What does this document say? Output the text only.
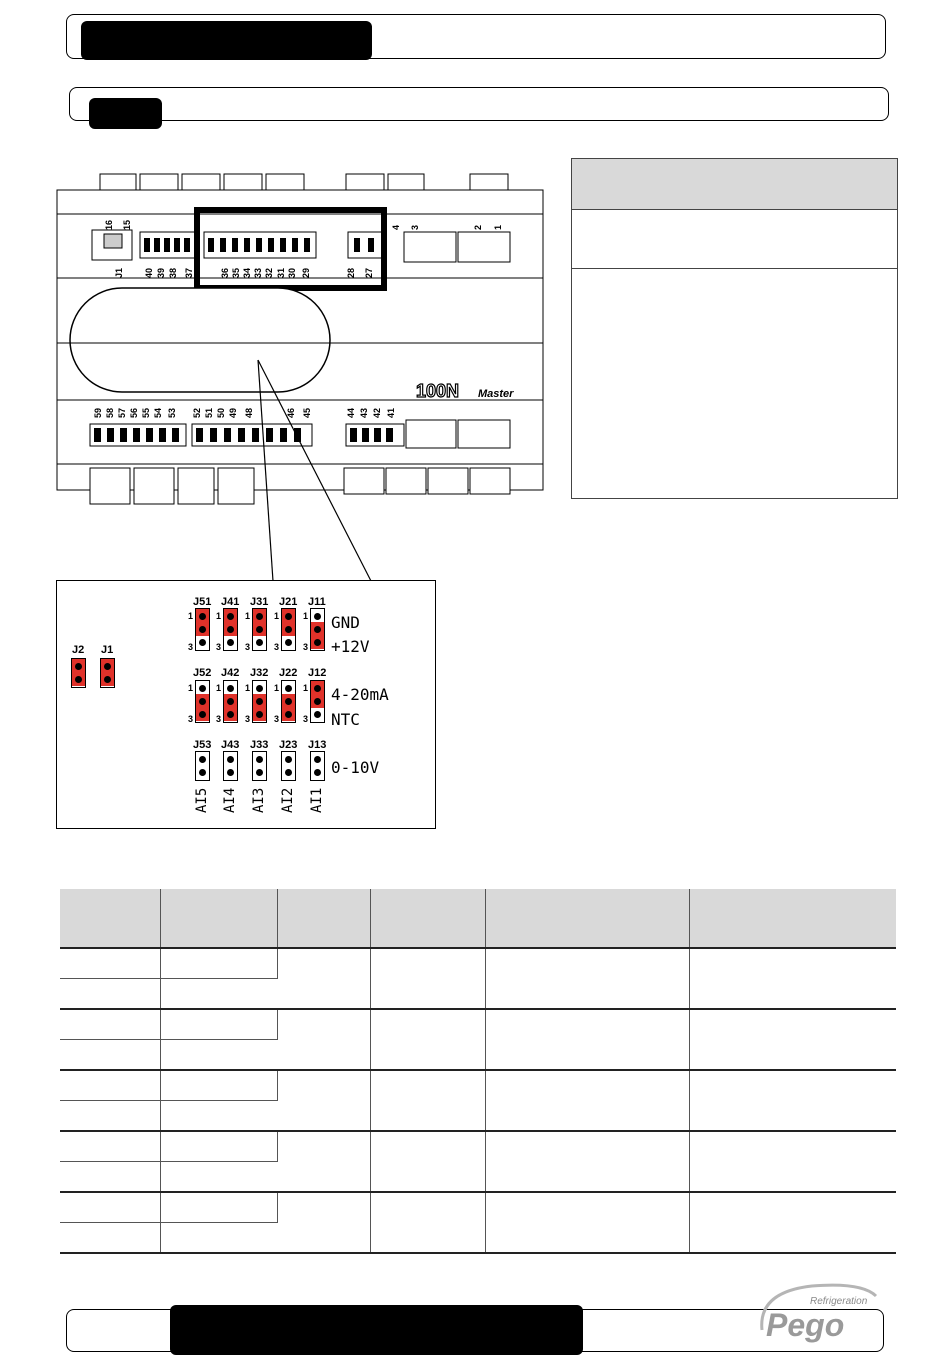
100N Master
16 15	4 3	2 1
J1 40 39 38 37	36 35 34 33 32 31 30 29	28 27
59 58 57 56 55 54 53 52 51 50 49 48	46 45	44 43 42 41
J2 J1
J51
1
3
J52
1
3
J53
AI5
J41
1
3
J42
1
3
J43
AI4
J31
1
3
J32
1
3
J33
AI3
J21
1
3
J22
1
3
J23
AI2
J11
1
3
J12
1
3
J13
AI1
GND
+12V
4-20mA
NTC
0-10V

Refrigeration
Pego
